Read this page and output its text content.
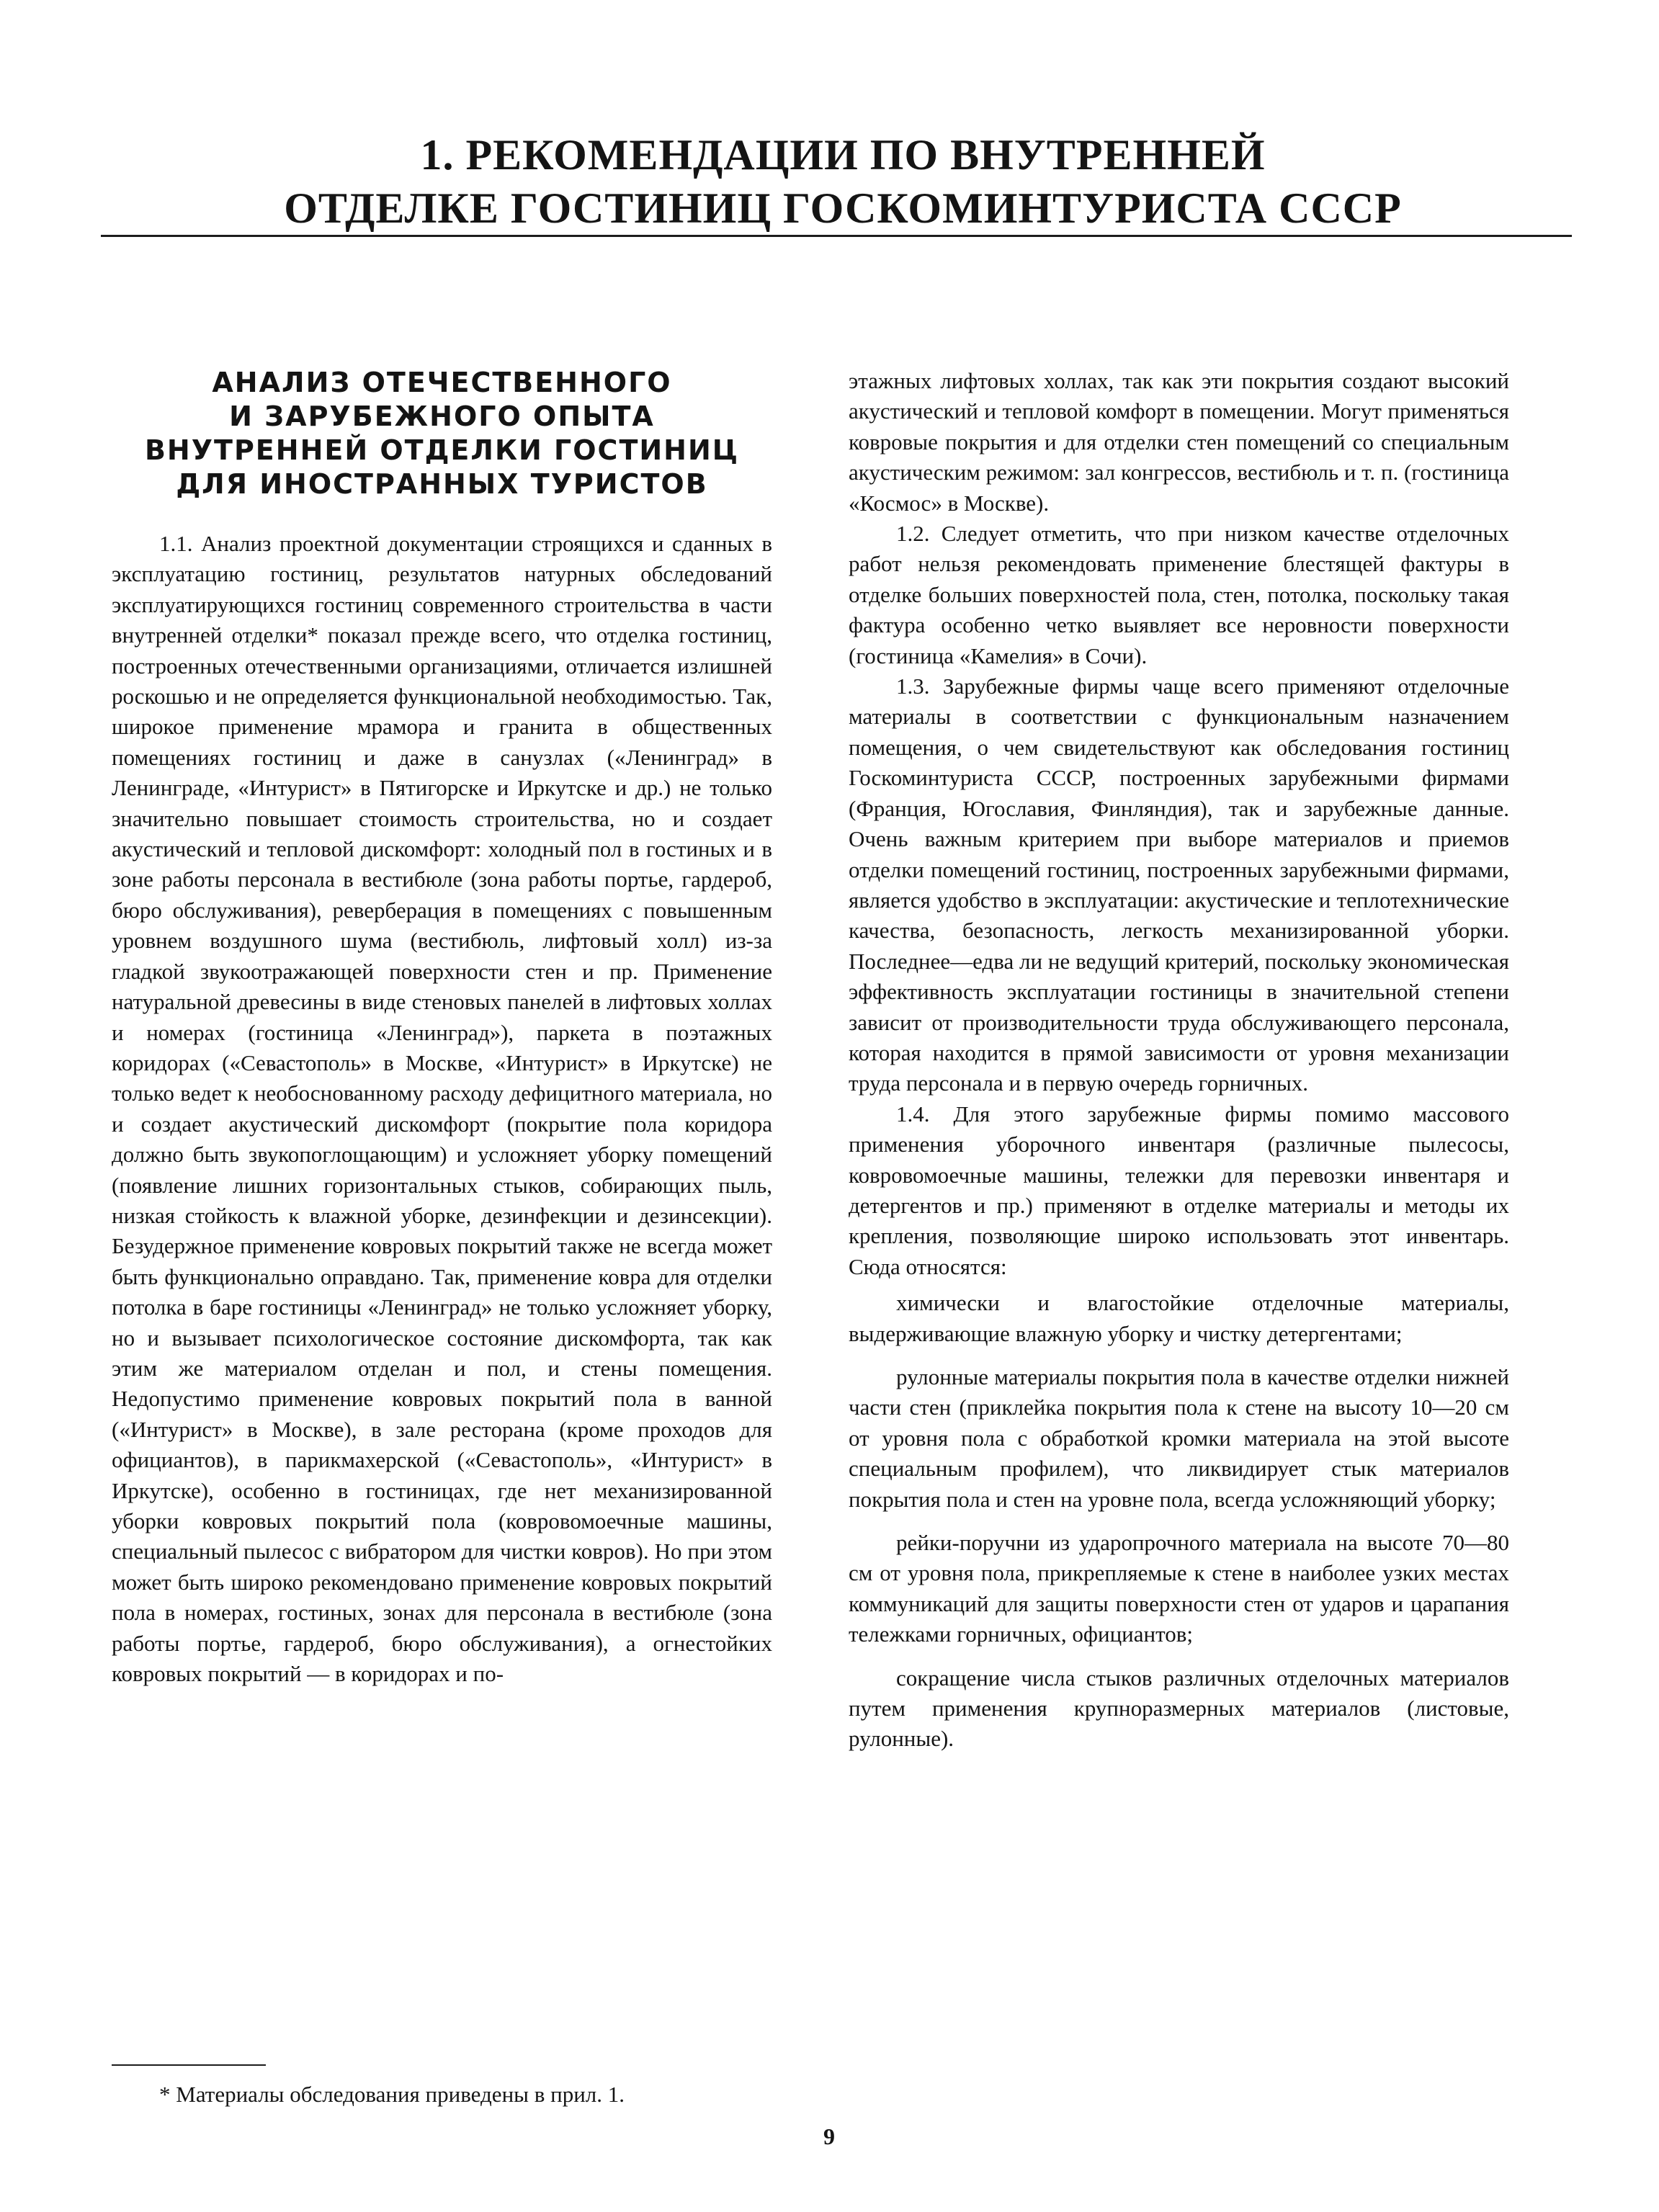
1. РЕКОМЕНДАЦИИ ПО ВНУТРЕННЕЙ
ОТДЕЛКЕ ГОСТИНИЦ ГОСКОМИНТУРИСТА СССР
АНАЛИЗ ОТЕЧЕСТВЕННОГО
И ЗАРУБЕЖНОГО ОПЫТА
ВНУТРЕННЕЙ ОТДЕЛКИ ГОСТИНИЦ
ДЛЯ ИНОСТРАННЫХ ТУРИСТОВ

1.1. Анализ проектной документации строящихся и сданных в эксплуатацию гостиниц, результатов натурных обследований эксплуатирующихся гостиниц современного строительства в части внутренней отделки* показал прежде всего, что отделка гостиниц, построенных отечественными организациями, отличается излишней роскошью и не определяется функциональной необходимостью. Так, широкое применение мрамора и гранита в общественных помещениях гостиниц и даже в санузлах («Ленинград» в Ленинграде, «Интурист» в Пятигорске и Иркутске и др.) не только значительно повышает стоимость строительства, но и создает акустический и тепловой дискомфорт: холодный пол в гостиных и в зоне работы персонала в вестибюле (зона работы портье, гардероб, бюро обслуживания), реверберация в помещениях с повышенным уровнем воздушного шума (вестибюль, лифтовый холл) из-за гладкой звукоотражающей поверхности стен и пр. Применение натуральной древесины в виде стеновых панелей в лифтовых холлах и номерах (гостиница «Ленинград»), паркета в поэтажных коридорах («Севастополь» в Москве, «Интурист» в Иркутске) не только ведет к необоснованному расходу дефицитного материала, но и создает акустический дискомфорт (покрытие пола коридора должно быть звукопоглощающим) и усложняет уборку помещений (появление лишних горизонтальных стыков, собирающих пыль, низкая стойкость к влажной уборке, дезинфекции и дезинсекции). Безудержное применение ковровых покрытий также не всегда может быть функционально оправдано. Так, применение ковра для отделки потолка в баре гостиницы «Ленинград» не только усложняет уборку, но и вызывает психологическое состояние дискомфорта, так как этим же материалом отделан и пол, и стены помещения. Недопустимо применение ковровых покрытий пола в ванной («Интурист» в Москве), в зале ресторана (кроме проходов для официантов), в парикмахерской («Севастополь», «Интурист» в Иркутске), особенно в гостиницах, где нет механизированной уборки ковровых покрытий пола (ковровомоечные машины, специальный пылесос с вибратором для чистки ковров). Но при этом может быть широко рекомендовано применение ковровых покрытий пола в номерах, гостиных, зонах для персонала в вестибюле (зона работы портье, гардероб, бюро обслуживания), а огнестойких ковровых покрытий — в коридорах и по-

этажных лифтовых холлах, так как эти покрытия создают высокий акустический и тепловой комфорт в помещении. Могут применяться ковровые покрытия и для отделки стен помещений со специальным акустическим режимом: зал конгрессов, вестибюль и т. п. (гостиница «Космос» в Москве).

1.2. Следует отметить, что при низком качестве отделочных работ нельзя рекомендовать применение блестящей фактуры в отделке больших поверхностей пола, стен, потолка, поскольку такая фактура особенно четко выявляет все неровности поверхности (гостиница «Камелия» в Сочи).

1.3. Зарубежные фирмы чаще всего применяют отделочные материалы в соответствии с функциональным назначением помещения, о чем свидетельствуют как обследования гостиниц Госкоминтуриста СССР, построенных зарубежными фирмами (Франция, Югославия, Финляндия), так и зарубежные данные. Очень важным критерием при выборе материалов и приемов отделки помещений гостиниц, построенных зарубежными фирмами, является удобство в эксплуатации: акустические и теплотехнические качества, безопасность, легкость механизированной уборки. Последнее—едва ли не ведущий критерий, поскольку экономическая эффективность эксплуатации гостиницы в значительной степени зависит от производительности труда обслуживающего персонала, которая находится в прямой зависимости от уровня механизации труда персонала и в первую очередь горничных.

1.4. Для этого зарубежные фирмы помимо массового применения уборочного инвентаря (различные пылесосы, ковровомоечные машины, тележки для перевозки инвентаря и детергентов и пр.) применяют в отделке материалы и методы их крепления, позволяющие широко использовать этот инвентарь. Сюда относятся:

химически и влагостойкие отделочные материалы, выдерживающие влажную уборку и чистку детергентами;

рулонные материалы покрытия пола в качестве отделки нижней части стен (приклейка покрытия пола к стене на высоту 10—20 см от уровня пола с обработкой кромки материала на этой высоте специальным профилем), что ликвидирует стык материалов покрытия пола и стен на уровне пола, всегда усложняющий уборку;

рейки-поручни из ударопрочного материала на высоте 70—80 см от уровня пола, прикрепляемые к стене в наиболее узких местах коммуникаций для защиты поверхности стен от ударов и царапания тележками горничных, официантов;

сокращение числа стыков различных отделочных материалов путем применения крупноразмерных материалов (листовые, рулонные).

* Материалы обследования приведены в прил. 1.

9
